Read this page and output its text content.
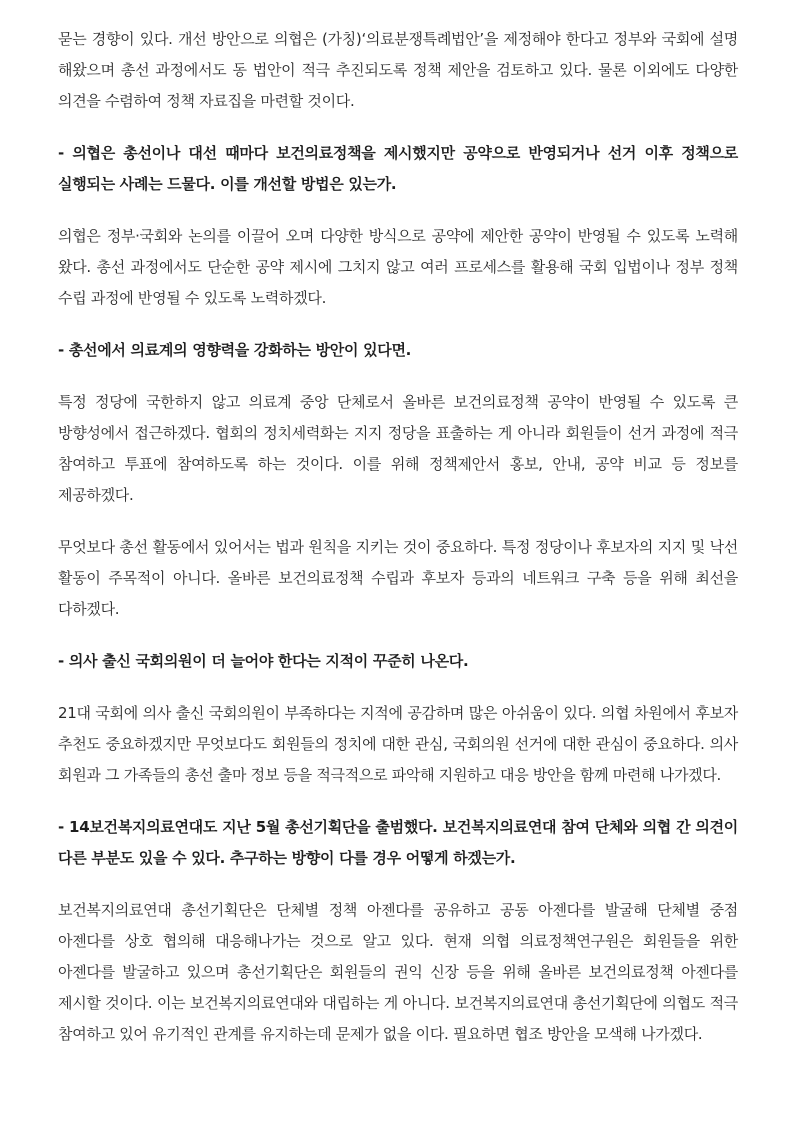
묻는 경향이 있다. 개선 방안으로 의협은 (가칭)‘의료분쟁특례법안’을 제정해야 한다고 정부와 국회에 설명 해왔으며 총선 과정에서도 동 법안이 적극 추진되도록 정책 제안을 검토하고 있다. 물론 이외에도 다양한 의견을 수렴하여 정책 자료집을 마련할 것이다.

- 의협은 총선이나 대선 때마다 보건의료정책을 제시했지만 공약으로 반영되거나 선거 이후 정책으로 실행되는 사례는 드물다. 이를 개선할 방법은 있는가.

의협은 정부·국회와 논의를 이끌어 오며 다양한 방식으로 공약에 제안한 공약이 반영될 수 있도록 노력해 왔다. 총선 과정에서도 단순한 공약 제시에 그치지 않고 여러 프로세스를 활용해 국회 입법이나 정부 정책 수립 과정에 반영될 수 있도록 노력하겠다.

- 총선에서 의료계의 영향력을 강화하는 방안이 있다면.

특정 정당에 국한하지 않고 의료계 중앙 단체로서 올바른 보건의료정책 공약이 반영될 수 있도록 큰 방향성에서 접근하겠다. 협회의 정치세력화는 지지 정당을 표출하는 게 아니라 회원들이 선거 과정에 적극 참여하고 투표에 참여하도록 하는 것이다. 이를 위해 정책제안서 홍보, 안내, 공약 비교 등 정보를 제공하겠다.

무엇보다 총선 활동에서 있어서는 법과 원칙을 지키는 것이 중요하다. 특정 정당이나 후보자의 지지 및 낙선 활동이 주목적이 아니다. 올바른 보건의료정책 수립과 후보자 등과의 네트워크 구축 등을 위해 최선을 다하겠다.

- 의사 출신 국회의원이 더 늘어야 한다는 지적이 꾸준히 나온다.

21대 국회에 의사 출신 국회의원이 부족하다는 지적에 공감하며 많은 아쉬움이 있다. 의협 차원에서 후보자 추천도 중요하겠지만 무엇보다도 회원들의 정치에 대한 관심, 국회의원 선거에 대한 관심이 중요하다. 의사 회원과 그 가족들의 총선 출마 정보 등을 적극적으로 파악해 지원하고 대응 방안을 함께 마련해 나가겠다.

- 14보건복지의료연대도 지난 5월 총선기획단을 출범했다. 보건복지의료연대 참여 단체와 의협 간 의견이 다른 부분도 있을 수 있다. 추구하는 방향이 다를 경우 어떻게 하겠는가.

보건복지의료연대 총선기획단은 단체별 정책 아젠다를 공유하고 공동 아젠다를 발굴해 단체별 중점 아젠다를 상호 협의해 대응해나가는 것으로 알고 있다. 현재 의협 의료정책연구원은 회원들을 위한 아젠다를 발굴하고 있으며 총선기획단은 회원들의 권익 신장 등을 위해 올바른 보건의료정책 아젠다를 제시할 것이다. 이는 보건복지의료연대와 대립하는 게 아니다. 보건복지의료연대 총선기획단에 의협도 적극 참여하고 있어 유기적인 관계를 유지하는데 문제가 없을 이다. 필요하면 협조 방안을 모색해 나가겠다.
